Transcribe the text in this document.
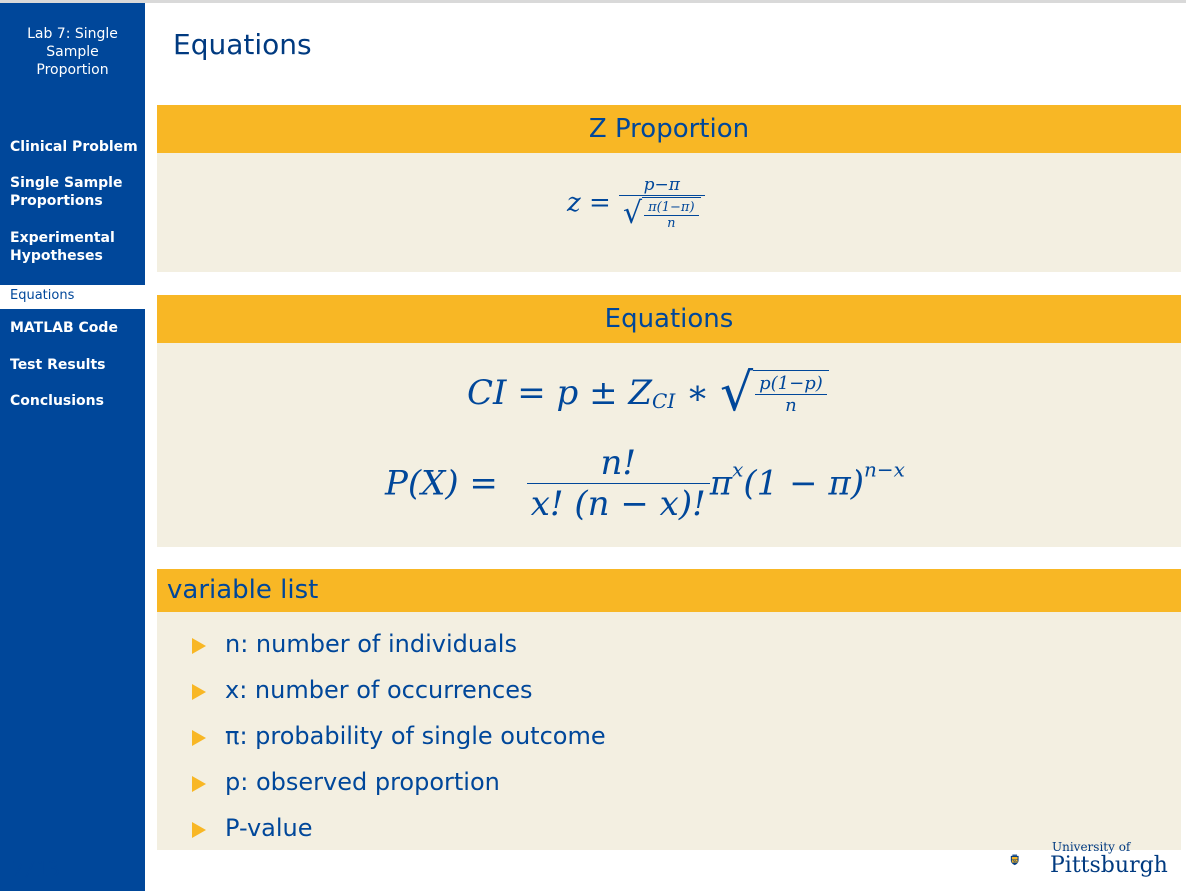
Lab 7: Single Sample Proportion
Clinical Problem
Single Sample Proportions
Experimental Hypotheses
Equations
MATLAB Code
Test Results
Conclusions
7/13
Equations
Z Proportion
$z = \frac{p-\pi}{√ \frac{\pi(1-\pi)}{n}}$
Equations
CI = $p \pm Z_{CI}$ ∗ √ $\frac{p(1-p)}{n}$
$P(X) = \frac{n!}{x! (n - x)!} \pi^x(1 - \pi)^{n-x}$
variable list
n: number of individuals
x: number of occurrences
π: probability of single outcome
p: observed proportion
P-value
University of
Pittsburgh
